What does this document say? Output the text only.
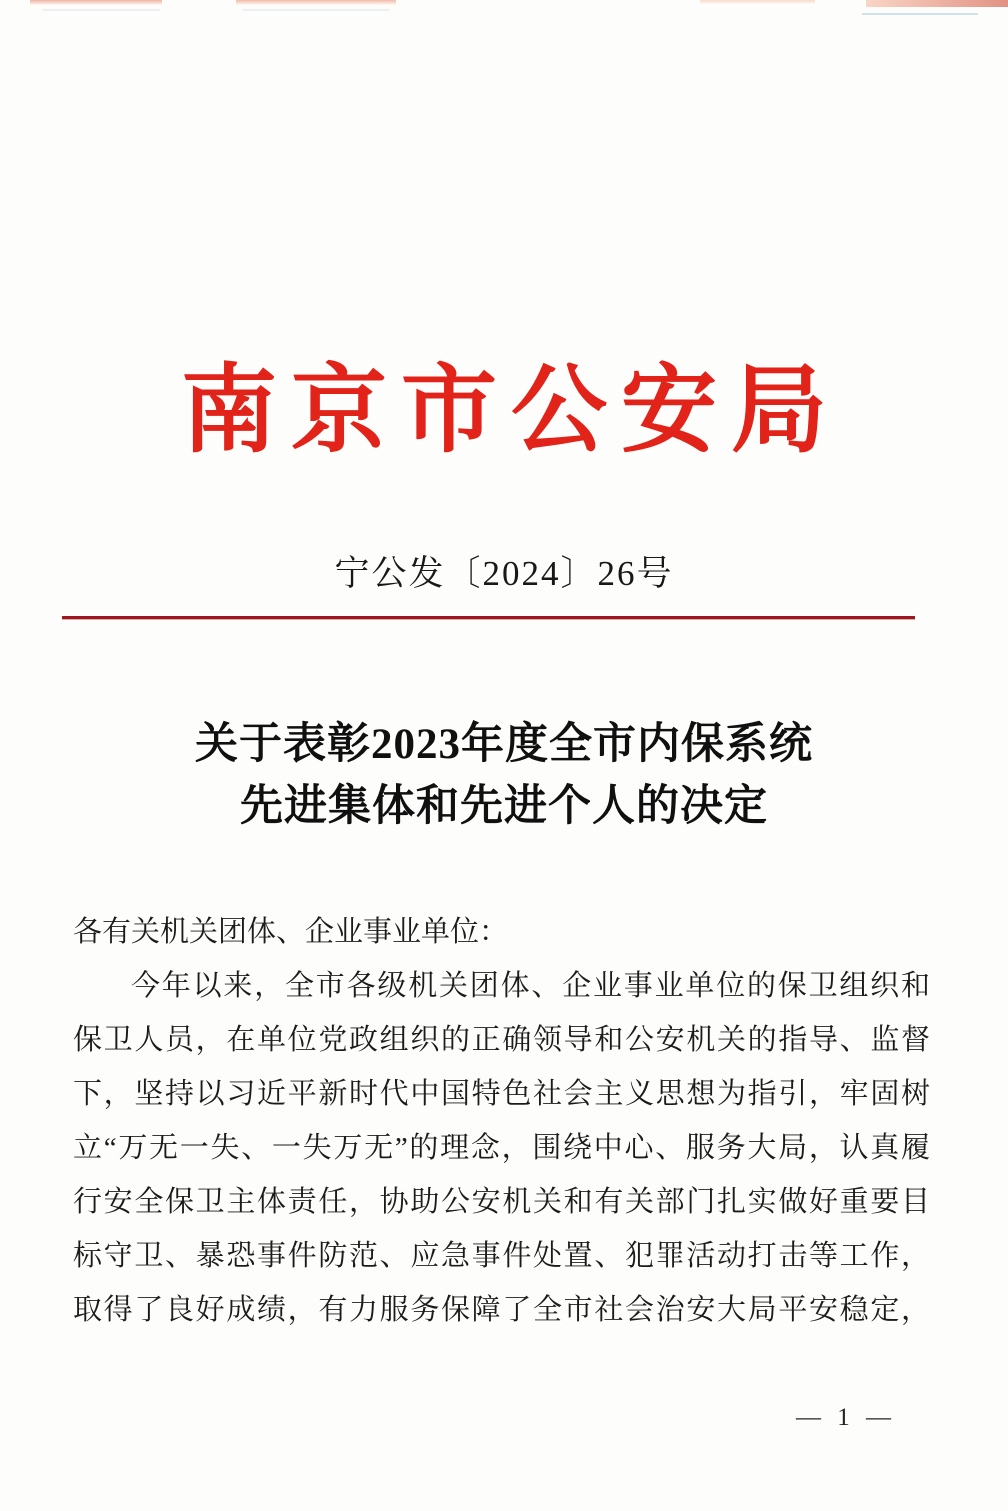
南京市公安局
宁公发〔2024〕26号
关于表彰2023年度全市内保系统
先进集体和先进个人的决定
各有关机关团体、企业事业单位：
今年以来，全市各级机关团体、企业事业单位的保卫组织和
保卫人员，在单位党政组织的正确领导和公安机关的指导、监督
下，坚持以习近平新时代中国特色社会主义思想为指引，牢固树
立“万无一失、一失万无”的理念，围绕中心、服务大局，认真履
行安全保卫主体责任，协助公安机关和有关部门扎实做好重要目
标守卫、暴恐事件防范、应急事件处置、犯罪活动打击等工作，
取得了良好成绩，有力服务保障了全市社会治安大局平安稳定，
— 1 —
